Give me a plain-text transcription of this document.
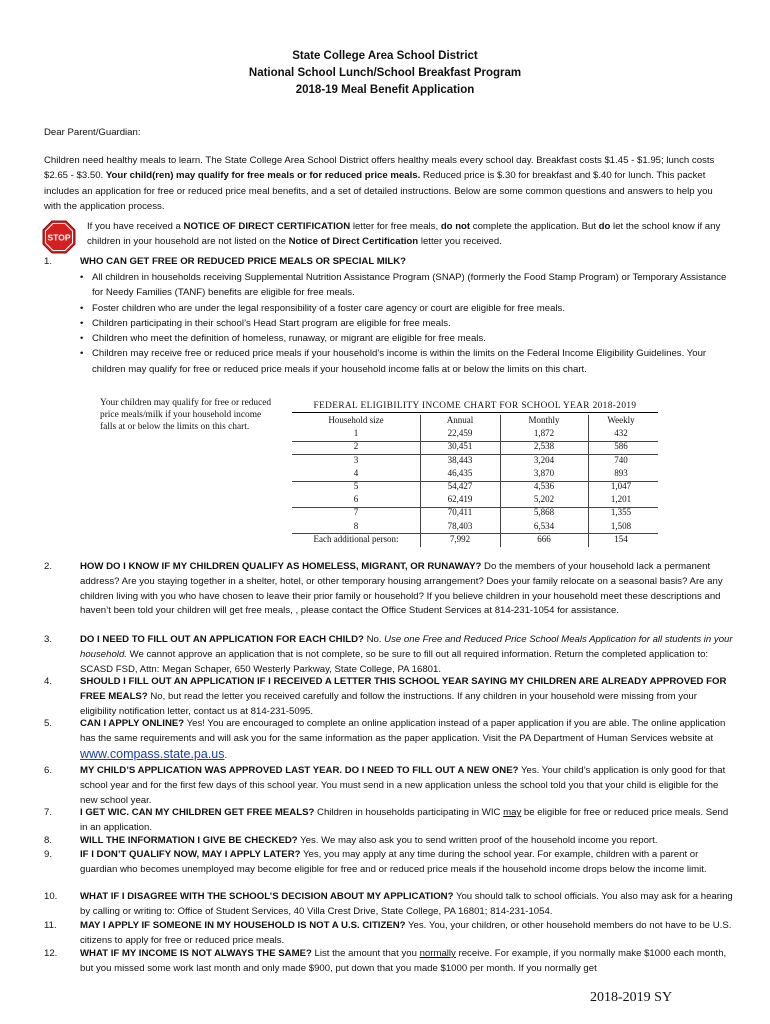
State College Area School District
National School Lunch/School Breakfast Program
2018-19 Meal Benefit Application
Dear Parent/Guardian:
Children need healthy meals to learn. The State College Area School District offers healthy meals every school day. Breakfast costs $1.45 - $1.95; lunch costs $2.65 - $3.50. Your child(ren) may qualify for free meals or for reduced price meals. Reduced price is $.30 for breakfast and $.40 for lunch. This packet includes an application for free or reduced price meal benefits, and a set of detailed instructions. Below are some common questions and answers to help you with the application process.
STOP
If you have received a NOTICE OF DIRECT CERTIFICATION letter for free meals, do not complete the application. But do let the school know if any children in your household are not listed on the Notice of Direct Certification letter you received.
1.	WHO CAN GET FREE OR REDUCED PRICE MEALS OR SPECIAL MILK?
• All children in households receiving Supplemental Nutrition Assistance Program (SNAP) (formerly the Food Stamp Program) or Temporary Assistance for Needy Families (TANF) benefits are eligible for free meals.
• Foster children who are under the legal responsibility of a foster care agency or court are eligible for free meals.
• Children participating in their school’s Head Start program are eligible for free meals.
• Children who meet the definition of homeless, runaway, or migrant are eligible for free meals.
• Children may receive free or reduced price meals if your household’s income is within the limits on the Federal Income Eligibility Guidelines. Your children may qualify for free or reduced price meals if your household income falls at or below the limits on this chart.
Your children may qualify for free or reduced price meals/milk if your household income falls at or below the limits on this chart.
FEDERAL ELIGIBILITY INCOME CHART FOR SCHOOL YEAR 2018-2019
Household size	Annual	Monthly	Weekly
1	22,459	1,872	432
2	30,451	2,538	586
3	38,443	3,204	740
4	46,435	3,870	893
5	54,427	4,536	1,047
6	62,419	5,202	1,201
7	70,411	5,868	1,355
8	78,403	6,534	1,508
Each additional person:	7,992	666	154
2.	HOW DO I KNOW IF MY CHILDREN QUALIFY AS HOMELESS, MIGRANT, OR RUNAWAY? Do the members of your household lack a permanent address? Are you staying together in a shelter, hotel, or other temporary housing arrangement? Does your family relocate on a seasonal basis? Are any children living with you who have chosen to leave their prior family or household? If you believe children in your household meet these descriptions and haven’t been told your children will get free meals, , please contact the Office Student Services at 814-231-1054 for assistance.
3.	DO I NEED TO FILL OUT AN APPLICATION FOR EACH CHILD? No. Use one Free and Reduced Price School Meals Application for all students in your household. We cannot approve an application that is not complete, so be sure to fill out all required information. Return the completed application to: SCASD FSD, Attn: Megan Schaper, 650 Westerly Parkway, State College, PA 16801.
4.	SHOULD I FILL OUT AN APPLICATION IF I RECEIVED A LETTER THIS SCHOOL YEAR SAYING MY CHILDREN ARE ALREADY APPROVED FOR FREE MEALS? No, but read the letter you received carefully and follow the instructions. If any children in your household were missing from your eligibility notification letter, contact us at 814-231-5095.
5.	CAN I APPLY ONLINE? Yes! You are encouraged to complete an online application instead of a paper application if you are able. The online application has the same requirements and will ask you for the same information as the paper application. Visit the PA Department of Human Services website at www.compass.state.pa.us.
6.	MY CHILD’S APPLICATION WAS APPROVED LAST YEAR. DO I NEED TO FILL OUT A NEW ONE? Yes. Your child’s application is only good for that school year and for the first few days of this school year. You must send in a new application unless the school told you that your child is eligible for the new school year.
7.	I GET WIC. CAN MY CHILDREN GET FREE MEALS? Children in households participating in WIC may be eligible for free or reduced price meals. Send in an application.
8.	WILL THE INFORMATION I GIVE BE CHECKED? Yes. We may also ask you to send written proof of the household income you report.
9.	IF I DON’T QUALIFY NOW, MAY I APPLY LATER? Yes, you may apply at any time during the school year. For example, children with a parent or guardian who becomes unemployed may become eligible for free and or reduced price meals if the household income drops below the income limit.
10.	WHAT IF I DISAGREE WITH THE SCHOOL’S DECISION ABOUT MY APPLICATION? You should talk to school officials. You also may ask for a hearing by calling or writing to: Office of Student Services, 40 Villa Crest Drive, State College, PA 16801; 814-231-1054.
11.	MAY I APPLY IF SOMEONE IN MY HOUSEHOLD IS NOT A U.S. CITIZEN? Yes. You, your children, or other household members do not have to be U.S. citizens to apply for free or reduced price meals.
12.	WHAT IF MY INCOME IS NOT ALWAYS THE SAME? List the amount that you normally receive. For example, if you normally make $1000 each month, but you missed some work last month and only made $900, put down that you made $1000 per month. If you normally get
2018-2019 SY
